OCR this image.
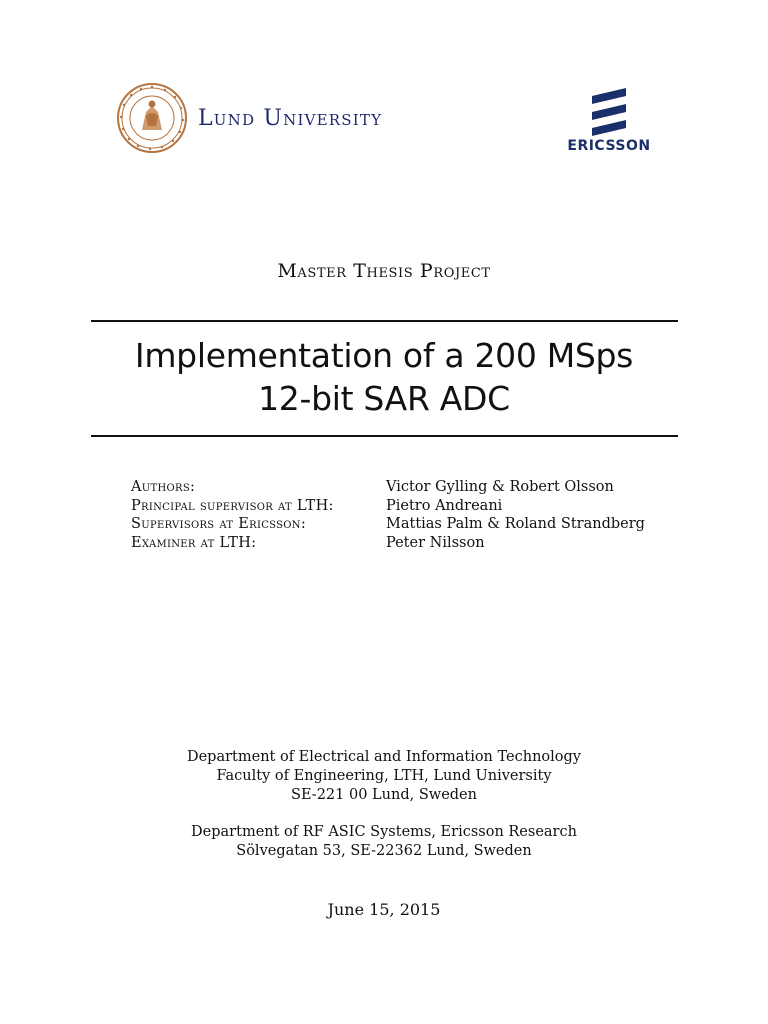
Lund University
ERICSSON
Master Thesis Project
Implementation of a 200 MSps
12-bit SAR ADC
Authors:	Victor Gylling & Robert Olsson
Principal supervisor at LTH:	Pietro Andreani
Supervisors at Ericsson:	Mattias Palm & Roland Strandberg
Examiner at LTH:	Peter Nilsson
Department of Electrical and Information Technology
Faculty of Engineering, LTH, Lund University
SE-221 00 Lund, Sweden
Department of RF ASIC Systems, Ericsson Research
Sölvegatan 53, SE-22362 Lund, Sweden
June 15, 2015
